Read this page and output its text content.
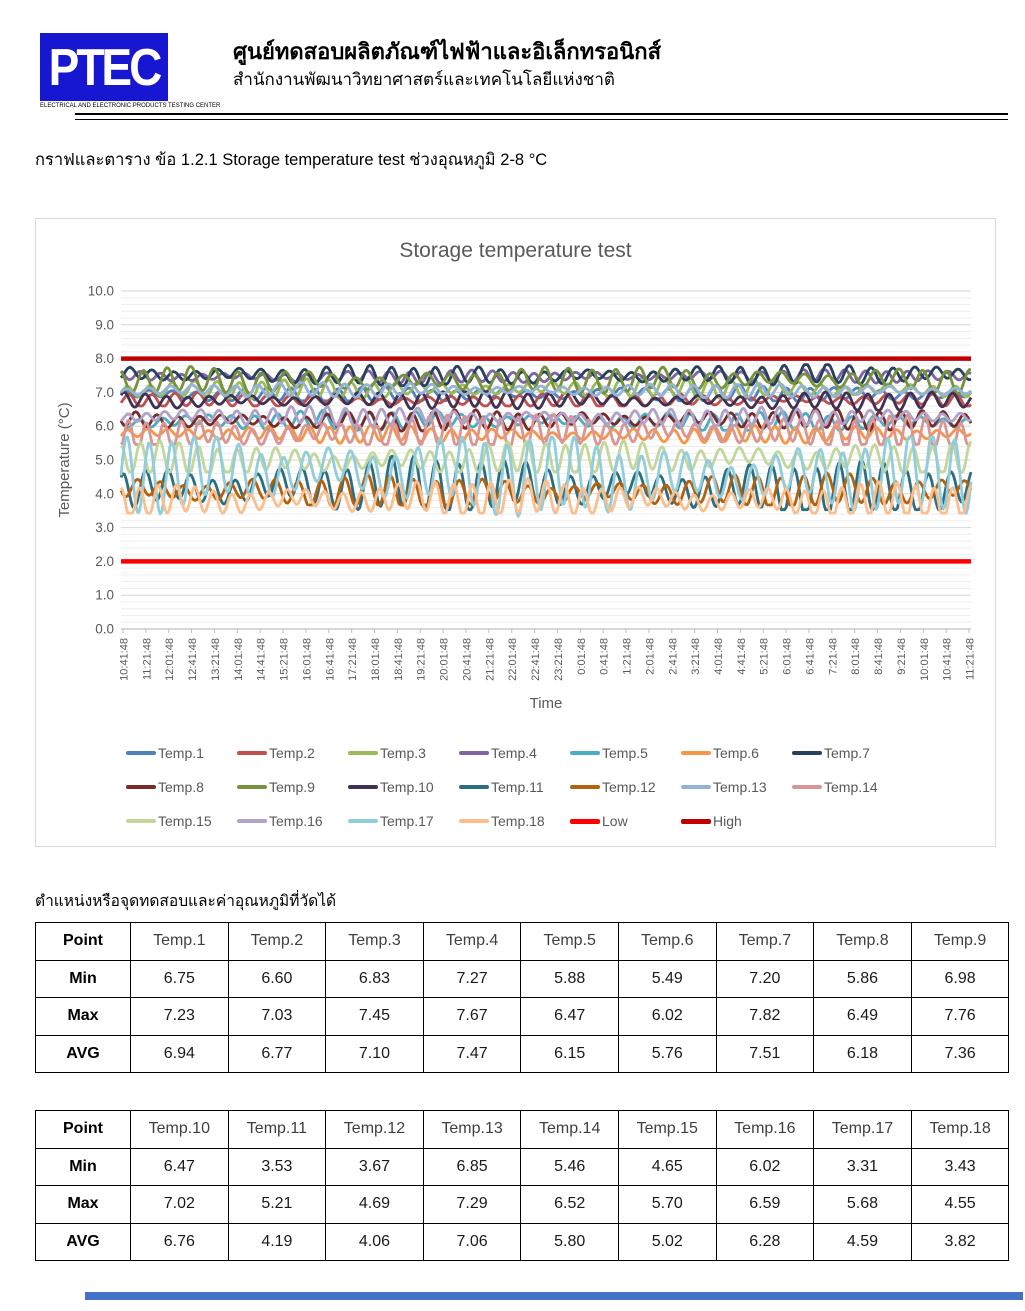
PTEC
ELECTRICAL AND ELECTRONIC PRODUCTS TESTING CENTER
ศูนย์ทดสอบผลิตภัณฑ์ไฟฟ้าและอิเล็กทรอนิกส์
สำนักงานพัฒนาวิทยาศาสตร์และเทคโนโลยีแห่งชาติ
กราฟและตาราง ข้อ 1.2.1 Storage temperature test ช่วงอุณหภูมิ 2-8 °C
0.0
1.0
2.0
3.0
4.0
5.0
6.0
7.0
8.0
9.0
10.0
Temperature (°C)
10:41:48 11:21:48 12:01:48 12:41:48 13:21:48 14:01:48 14:41:48 15:21:48 16:01:48 16:41:48 17:21:48 18:01:48 18:41:48 19:21:48 20:01:48 20:41:48 21:21:48 22:01:48 22:41:48 23:21:48 0:01:48 0:41:48 1:21:48 2:01:48 2:41:48 3:21:48 4:01:48 4:41:48 5:21:48 6:01:48 6:41:48 7:21:48 8:01:48 8:41:48 9:21:48 10:01:48 10:41:48 11:21:48
Storage temperature test
Time
Temp.1	Temp.2	Temp.3	Temp.4	Temp.5	Temp.6	Temp.7
Temp.8	Temp.9	Temp.10	Temp.11	Temp.12	Temp.13	Temp.14
Temp.15	Temp.16	Temp.17	Temp.18	Low	High
ตำแหน่งหรือจุดทดสอบและค่าอุณหภูมิที่วัดได้
Point	Temp.1	Temp.2	Temp.3	Temp.4	Temp.5	Temp.6	Temp.7	Temp.8	Temp.9
Min	6.75	6.60	6.83	7.27	5.88	5.49	7.20	5.86	6.98
Max	7.23	7.03	7.45	7.67	6.47	6.02	7.82	6.49	7.76
AVG	6.94	6.77	7.10	7.47	6.15	5.76	7.51	6.18	7.36
Point	Temp.10	Temp.11	Temp.12	Temp.13	Temp.14	Temp.15	Temp.16	Temp.17	Temp.18
Min	6.47	3.53	3.67	6.85	5.46	4.65	6.02	3.31	3.43
Max	7.02	5.21	4.69	7.29	6.52	5.70	6.59	5.68	4.55
AVG	6.76	4.19	4.06	7.06	5.80	5.02	6.28	4.59	3.82
